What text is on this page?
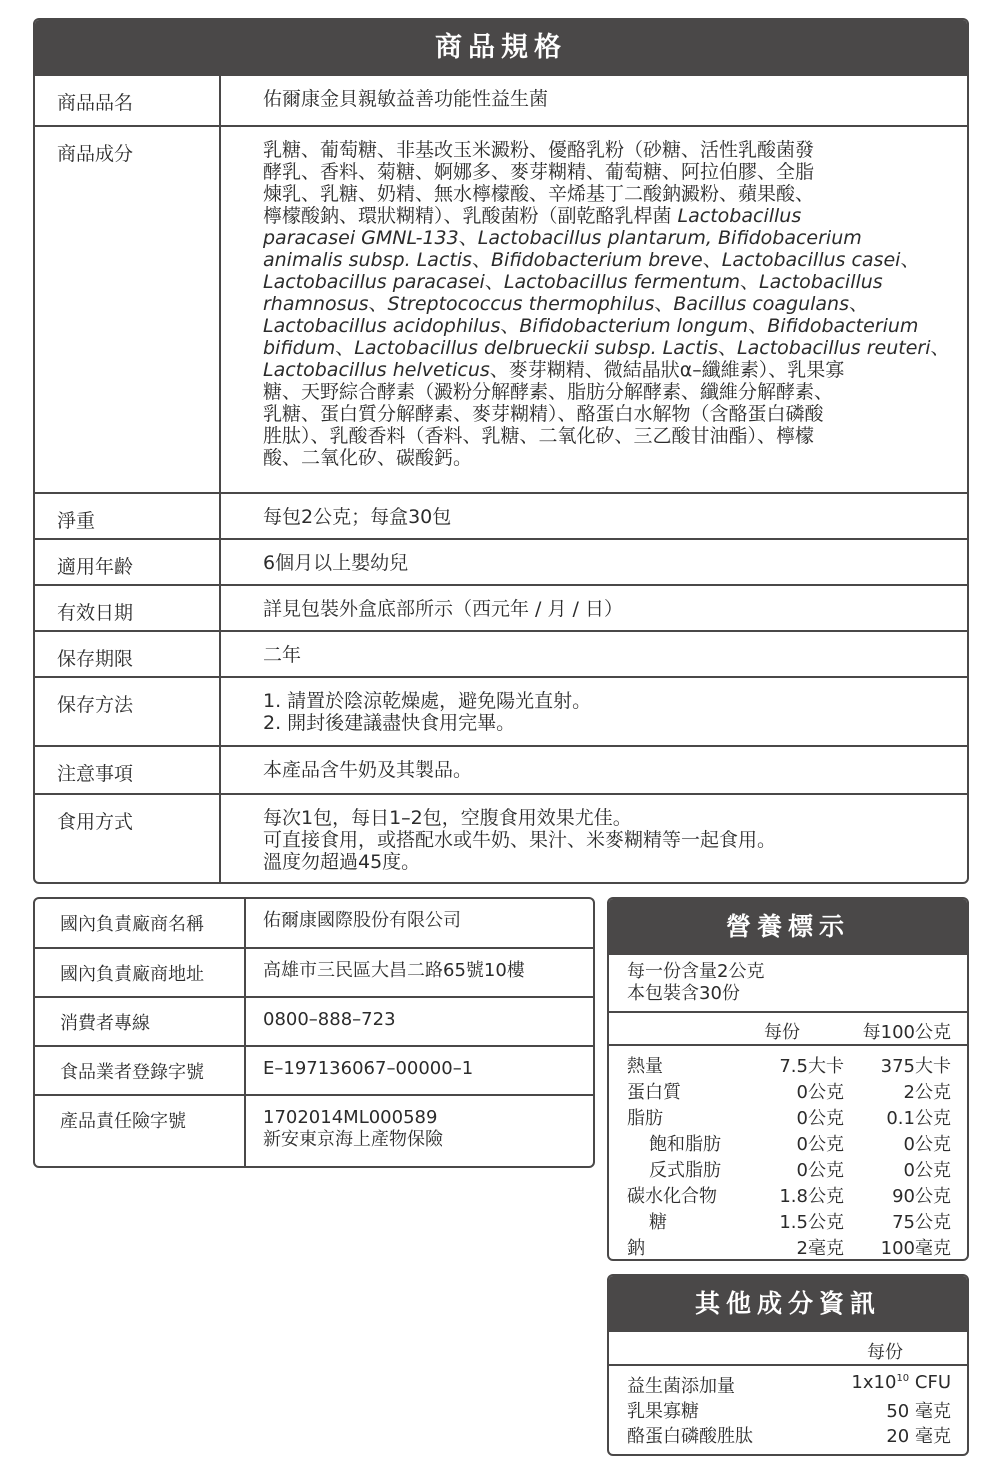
商品規格
商品品名	佑爾康金貝親敏益善功能性益生菌
商品成分	乳糖、葡萄糖、非基改玉米澱粉、優酪乳粉（砂糖、活性乳酸菌發
酵乳、香料、菊糖、婀娜多、麥芽糊精、葡萄糖、阿拉伯膠、全脂
煉乳、乳糖、奶精、無水檸檬酸、辛烯基丁二酸鈉澱粉、蘋果酸、
檸檬酸鈉、環狀糊精）、乳酸菌粉（副乾酪乳桿菌 Lactobacillus
paracasei GMNL-133、Lactobacillus plantarum, Bifidobacerium
animalis subsp. Lactis、Bifidobacterium breve、Lactobacillus casei、
Lactobacillus paracasei、Lactobacillus fermentum、Lactobacillus
rhamnosus、Streptococcus thermophilus、Bacillus coagulans、
Lactobacillus acidophilus、Bifidobacterium longum、Bifidobacterium
bifidum、Lactobacillus delbrueckii subsp. Lactis、Lactobacillus reuteri、
Lactobacillus helveticus、麥芽糊精、微結晶狀α–纖維素）、乳果寡
糖、天野綜合酵素（澱粉分解酵素、脂肪分解酵素、纖維分解酵素、
乳糖、蛋白質分解酵素、麥芽糊精）、酪蛋白水解物（含酪蛋白磷酸
胜肽）、乳酸香料（香料、乳糖、二氧化矽、三乙酸甘油酯）、檸檬
酸、二氧化矽、碳酸鈣。
淨重	每包2公克；每盒30包
適用年齡	6個月以上嬰幼兒
有效日期	詳見包裝外盒底部所示（西元年 / 月 / 日）
保存期限	二年
保存方法	1. 請置於陰涼乾燥處，避免陽光直射。
2. 開封後建議盡快食用完畢。
注意事項	本產品含牛奶及其製品。
食用方式	每次1包，每日1–2包，空腹食用效果尤佳。
可直接食用，或搭配水或牛奶、果汁、米麥糊精等一起食用。
溫度勿超過45度。
國內負責廠商名稱	佑爾康國際股份有限公司
國內負責廠商地址	高雄市三民區大昌二路65號10樓
消費者專線	0800–888–723
食品業者登錄字號	E–197136067–00000–1
產品責任險字號	1702014ML000589
新安東京海上產物保險
營養標示
每一份含量2公克
本包裝含30份
每份	每100公克
熱量	7.5大卡 375大卡
蛋白質	0公克	2公克
脂肪	0公克 0.1公克
飽和脂肪	0公克	0公克
反式脂肪	0公克	0公克
碳水化合物	1.8公克	90公克
糖	1.5公克	75公克
鈉	2毫克 100毫克
其他成分資訊
每份
益生菌添加量	$1x10^{10}$ CFU
乳果寡糖	50 毫克
酪蛋白磷酸胜肽	20 毫克
